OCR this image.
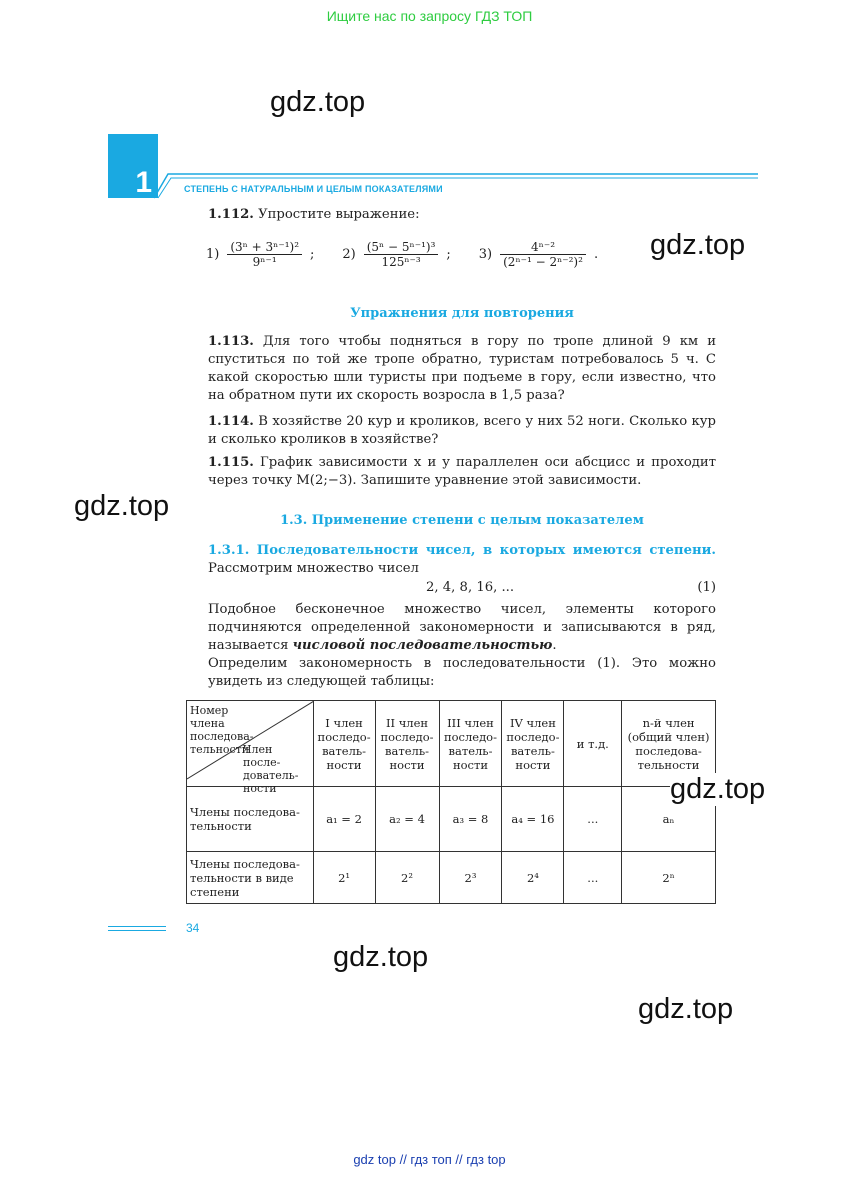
Ищите нас по запросу ГДЗ ТОП
1	СТЕПЕНЬ С НАТУРАЛЬНЫМ И ЦЕЛЫМ ПОКАЗАТЕЛЯМИ
1.112. Упростите выражение:
$1) \frac{\text{(3ⁿ + 3ⁿ⁻¹)²}}{\text{9ⁿ⁻¹}}$ ; $2) \frac{\text{(5ⁿ − 5ⁿ⁻¹)³}}{\text{125ⁿ⁻³}}$ ; $3) \frac{\text{4ⁿ⁻²}}{\text{(2ⁿ⁻¹ − 2ⁿ⁻²)²}}$ .
Упражнения для повторения
1.113. Для того чтобы подняться в гору по тропе длиной 9 км и спуститься по той же тропе обратно, туристам потребовалось 5 ч. С какой скоростью шли туристы при подъеме в гору, если известно, что на обратном пути их скорость возросла в 1,5 раза?
1.114. В хозяйстве 20 кур и кроликов, всего у них 52 ноги. Сколько кур и сколько кроликов в хозяйстве?
1.115. График зависимости x и y параллелен оси абсцисс и проходит через точку M(2;−3). Запишите уравнение этой зависимости.
1.3. Применение степени с целым показателем
1.3.1. Последовательности чисел, в которых имеются степени. Рассмотрим множество чисел
2, 4, 8, 16, ...	(1)
Подобное бесконечное множество чисел, элементы которого подчиняются определенной закономерности и записываются в ряд, называется числовой последовательностью.
Определим закономерность в последовательности (1). Это можно увидеть из следующей таблицы:
Номер члена последова-тельности
Член после-дователь-ности	I член последо-ватель-ности	II член последо-ватель-ности	III член последо-ватель-ности	IV член последо-ватель-ности	и т.д.	n-й член (общий член) последова-тельности
Члены последова-тельности	a₁ = 2	a₂ = 4	a₃ = 8	a₄ = 16	...	aₙ
Члены последова-тельности в виде степени	2¹	2²	2³	2⁴	...	2ⁿ
34
gdz.top
gdz.top
gdz.top
gdz.top
gdz.top
gdz.top
gdz top // гдз топ // гдз top
